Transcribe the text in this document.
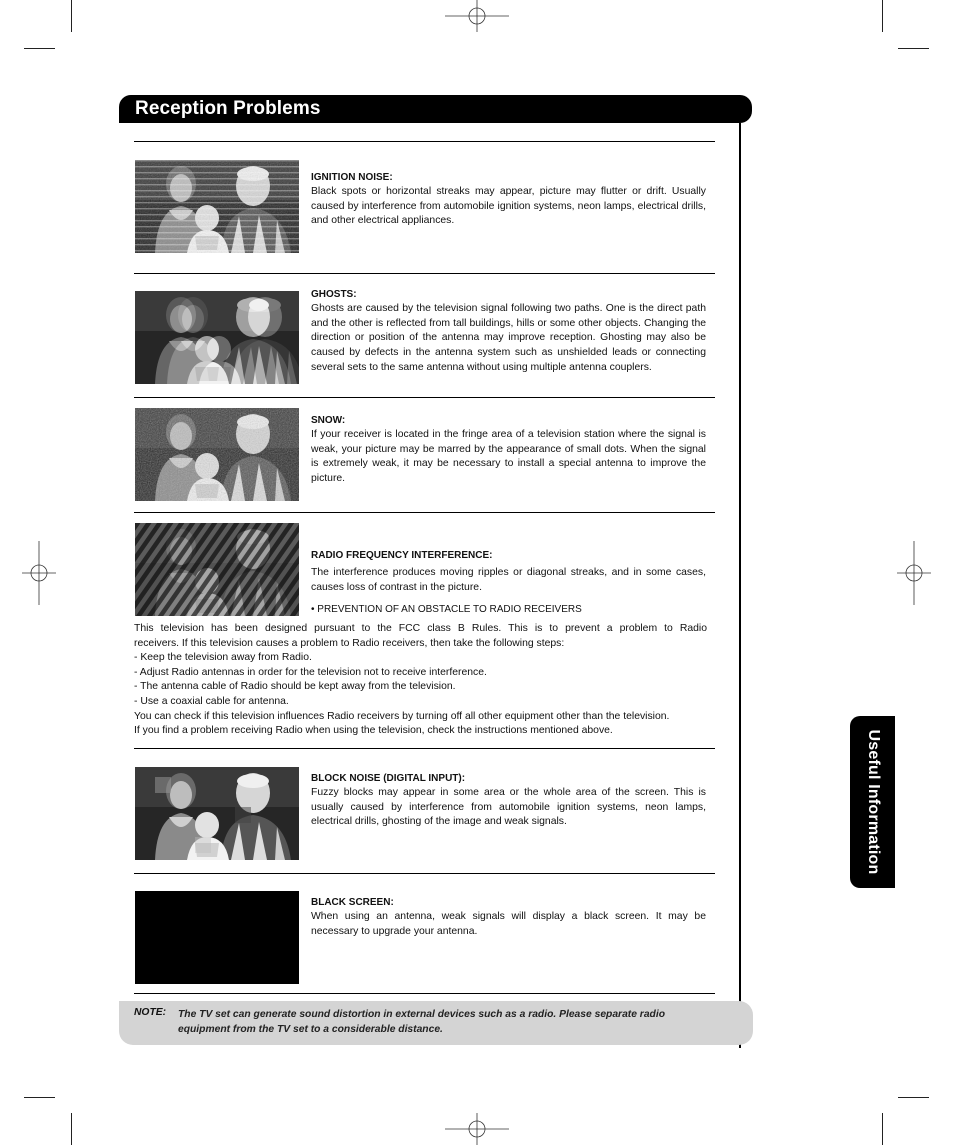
Reception Problems
Useful Information
IGNITION NOISE:
Black spots or horizontal streaks may appear, picture may flutter or drift. Usually caused by interference from automobile ignition systems, neon lamps, electrical drills, and other electrical appliances.
GHOSTS:
Ghosts are caused by the television signal following two paths. One is the direct path and the other is reflected from tall buildings, hills or some other objects. Changing the direction or position of the antenna may improve reception. Ghosting may also be caused by defects in the antenna system such as unshielded leads or connecting several sets to the same antenna without using multiple antenna couplers.
SNOW:
If your receiver is located in the fringe area of a television station where the signal is weak, your picture may be marred by the appearance of small dots. When the signal is extremely weak, it may be necessary to install a special antenna to improve the picture.
RADIO FREQUENCY INTERFERENCE:
The interference produces moving ripples or diagonal streaks, and in some cases, causes loss of contrast in the picture.
• PREVENTION OF AN OBSTACLE TO RADIO RECEIVERS
This television has been designed pursuant to the FCC class B Rules. This is to prevent a problem to Radio
receivers. If this television causes a problem to Radio receivers, then take the following steps:
- Keep the television away from Radio.
- Adjust Radio antennas in order for the television not to receive interference.
- The antenna cable of Radio should be kept away from the television.
- Use a coaxial cable for antenna.
You can check if this television influences Radio receivers by turning off all other equipment other than the television.
If you find a problem receiving Radio when using the television, check the instructions mentioned above.
BLOCK NOISE (DIGITAL INPUT):
Fuzzy blocks may appear in some area or the whole area of the screen. This is usually caused by interference from automobile ignition systems, neon lamps, electrical drills, ghosting of the image and weak signals.
BLACK SCREEN:
When using an antenna, weak signals will display a black screen. It may be necessary to upgrade your antenna.
NOTE: The TV set can generate sound distortion in external devices such as a radio. Please separate radio equipment from the TV set to a considerable distance.
